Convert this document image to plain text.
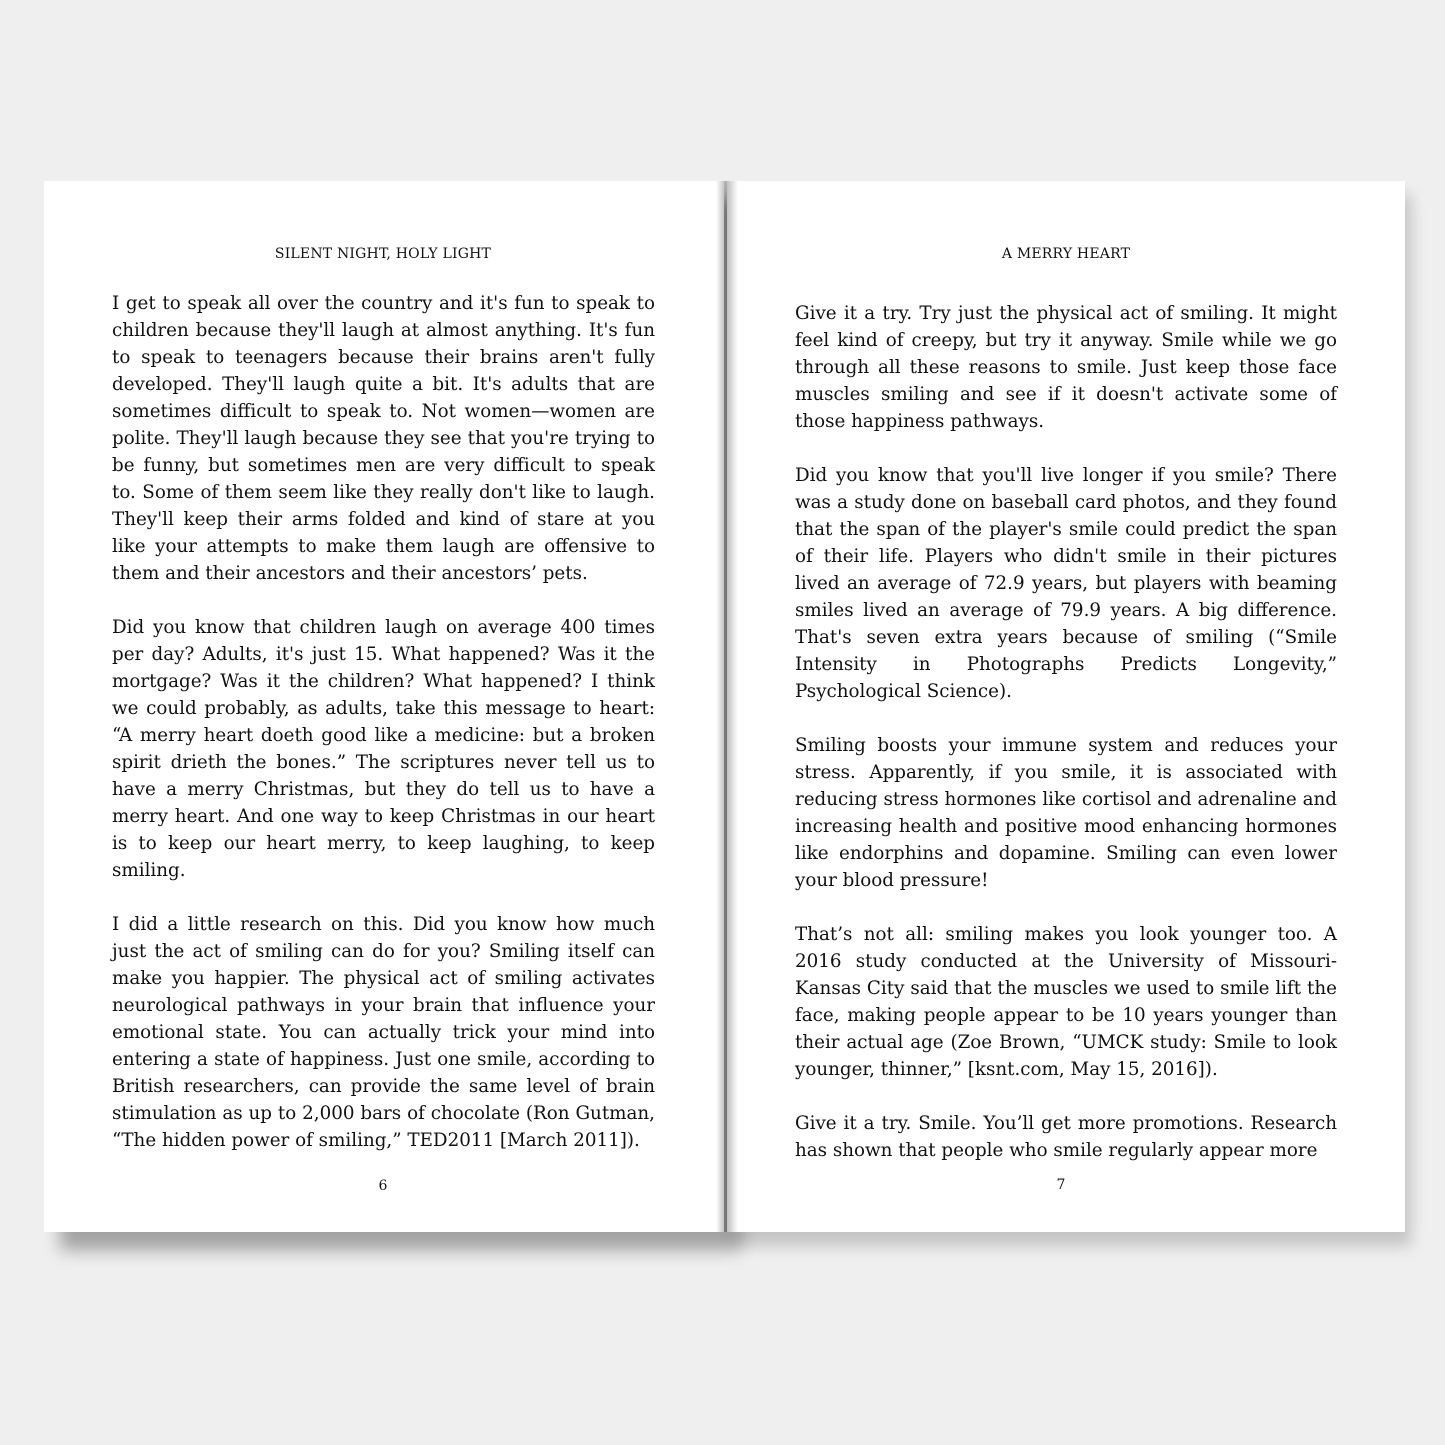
SILENT NIGHT, HOLY LIGHT

I get to speak all over the country and it's fun to speak to children because they'll laugh at almost anything. It's fun to speak to teenagers because their brains aren't fully developed. They'll laugh quite a bit. It's adults that are sometimes difficult to speak to. Not women—women are polite. They'll laugh because they see that you're trying to be funny, but sometimes men are very difficult to speak to. Some of them seem like they really don't like to laugh. They'll keep their arms folded and kind of stare at you like your attempts to make them laugh are offensive to them and their ancestors and their ancestors’ pets.

Did you know that children laugh on average 400 times per day? Adults, it's just 15. What happened? Was it the mortgage? Was it the children? What happened? I think we could probably, as adults, take this message to heart: “A merry heart doeth good like a medicine: but a broken spirit drieth the bones.” The scriptures never tell us to have a merry Christmas, but they do tell us to have a merry heart. And one way to keep Christmas in our heart is to keep our heart merry, to keep laughing, to keep smiling.

I did a little research on this. Did you know how much just the act of smiling can do for you? Smiling itself can make you happier. The physical act of smiling activates neurological pathways in your brain that influence your emotional state. You can actually trick your mind into entering a state of happiness. Just one smile, according to British researchers, can provide the same level of brain stimulation as up to 2,000 bars of chocolate (Ron Gutman, “The hidden power of smiling,” TED2011 [March 2011]).

6
A MERRY HEART

Give it a try. Try just the physical act of smiling. It might feel kind of creepy, but try it anyway. Smile while we go through all these reasons to smile. Just keep those face muscles smiling and see if it doesn't activate some of those happiness pathways.

Did you know that you'll live longer if you smile? There was a study done on baseball card photos, and they found that the span of the player's smile could predict the span of their life. Players who didn't smile in their pictures lived an average of 72.9 years, but players with beaming smiles lived an average of 79.9 years. A big difference. That's seven extra years because of smiling (“Smile Intensity in Photographs Predicts Longevity,” Psychological Science).

Smiling boosts your immune system and reduces your stress. Apparently, if you smile, it is associated with reducing stress hormones like cortisol and adrenaline and increasing health and positive mood enhancing hormones like endorphins and dopamine. Smiling can even lower your blood pressure!

That’s not all: smiling makes you look younger too. A 2016 study conducted at the University of Missouri-Kansas City said that the muscles we used to smile lift the face, making people appear to be 10 years younger than their actual age (Zoe Brown, “UMCK study: Smile to look younger, thinner,” [ksnt.com, May 15, 2016]).

Give it a try. Smile. You’ll get more promotions. Research has shown that people who smile regularly appear more

7
